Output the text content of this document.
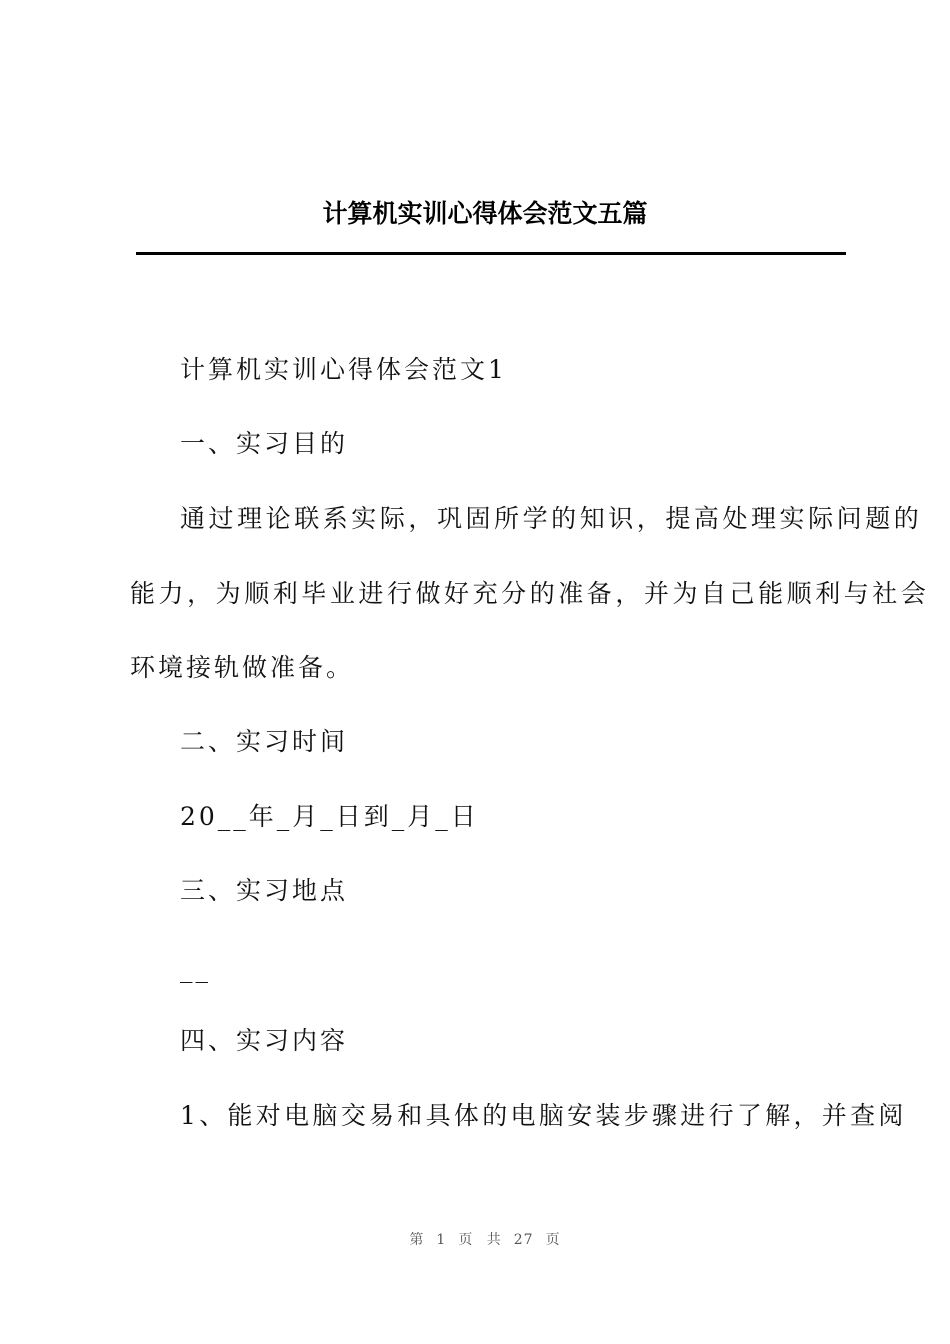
计算机实训心得体会范文五篇
计算机实训心得体会范文1
一、实习目的
通过理论联系实际，巩固所学的知识，提高处理实际问题的
能力，为顺利毕业进行做好充分的准备，并为自己能顺利与社会
环境接轨做准备。
二、实习时间
20__年_月_日到_月_日
三、实习地点
__
四、实习内容
1、能对电脑交易和具体的电脑安装步骤进行了解，并查阅
第 1 页 共 27 页
